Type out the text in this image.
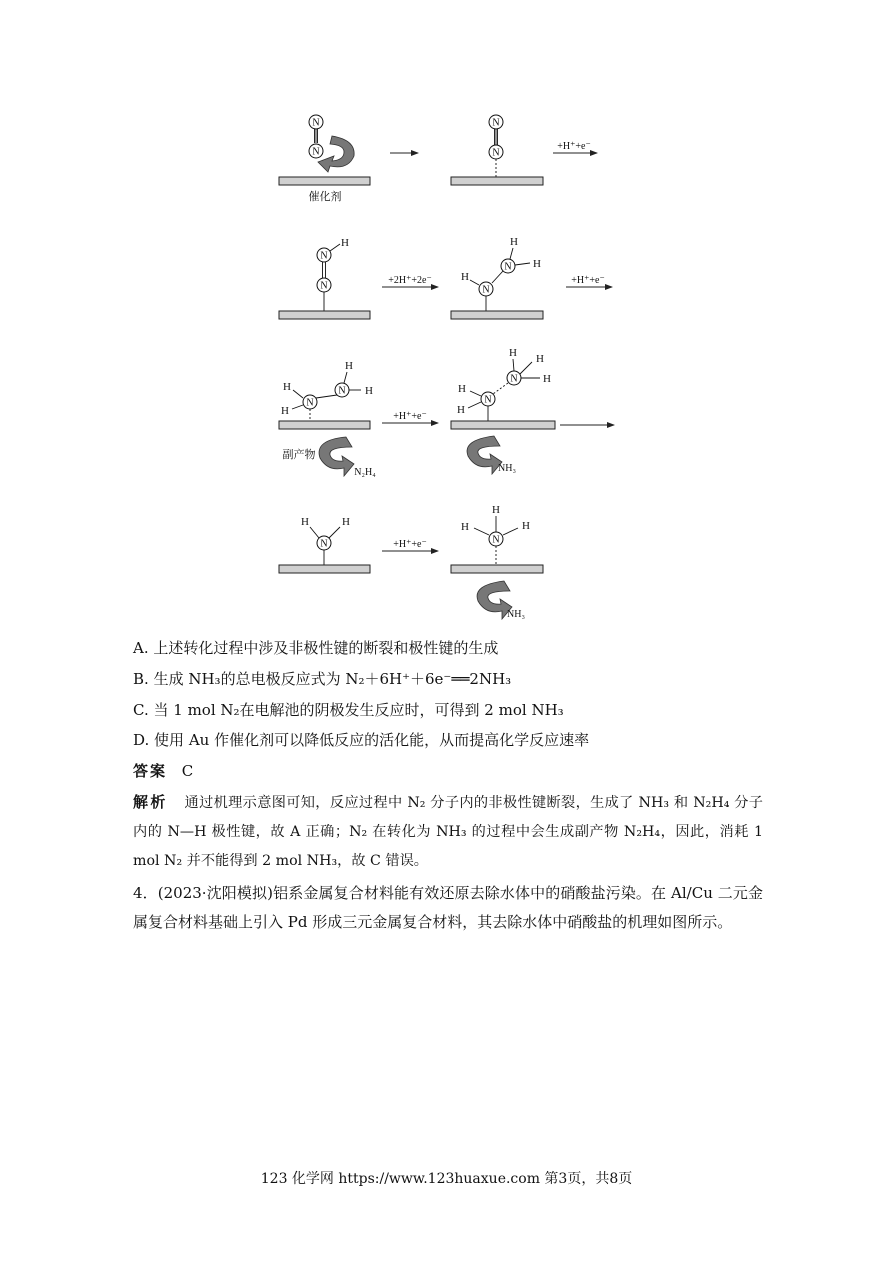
N
N
催化剂
N
N
+H⁺+e⁻
N
H
N	+2H⁺+2e⁻
N
H
H
N
H	+H⁺+e⁻
N
H
H
N
H
H
副产物
N₂H₄
+H⁺+e⁻
N
H H
H
N
H
H
NH₃
N
H	H
+H⁺+e⁻	N
H
H	H
NH₃
A. 上述转化过程中涉及非极性键的断裂和极性键的生成
B. 生成 NH₃的总电极反应式为 N₂＋6H⁺＋6e⁻══2NH₃
C. 当 1 mol N₂在电解池的阴极发生反应时，可得到 2 mol NH₃
D. 使用 Au 作催化剂可以降低反应的活化能，从而提高化学反应速率
答案 C
解析 通过机理示意图可知，反应过程中 N₂ 分子内的非极性键断裂，生成了 NH₃ 和 N₂H₄ 分子内的 N—H 极性键，故 A 正确；N₂ 在转化为 NH₃ 的过程中会生成副产物 N₂H₄，因此，消耗 1 mol N₂ 并不能得到 2 mol NH₃，故 C 错误。
4．(2023·沈阳模拟)铝系金属复合材料能有效还原去除水体中的硝酸盐污染。在 Al/Cu 二元金属复合材料基础上引入 Pd 形成三元金属复合材料，其去除水体中硝酸盐的机理如图所示。
123 化学网 https://www.123huaxue.com 第3页，共8页
